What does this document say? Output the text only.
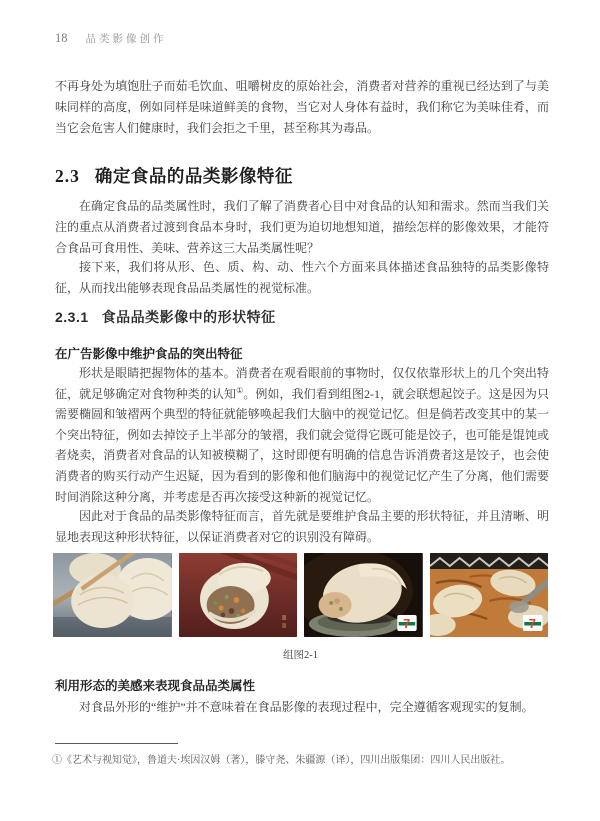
18 品类影像创作

不再身处为填饱肚子而茹毛饮血、咀嚼树皮的原始社会，消费者对营养的重视已经达到了与美味同样的高度，例如同样是味道鲜美的食物，当它对人身体有益时，我们称它为美味佳肴，而当它会危害人们健康时，我们会拒之千里，甚至称其为毒品。

2.3 确定食品的品类影像特征

在确定食品的品类属性时，我们了解了消费者心目中对食品的认知和需求。然而当我们关注的重点从消费者过渡到食品本身时，我们更为迫切地想知道，描绘怎样的影像效果，才能符合食品可食用性、美味、营养这三大品类属性呢？

接下来，我们将从形、色、质、构、动、性六个方面来具体描述食品独特的品类影像特征，从而找出能够表现食品品类属性的视觉标准。

2.3.1 食品品类影像中的形状特征

在广告影像中维护食品的突出特征

形状是眼睛把握物体的基本。消费者在观看眼前的事物时，仅仅依靠形状上的几个突出特征，就足够确定对食物种类的认知①。例如，我们看到组图2-1，就会联想起饺子。这是因为只需要椭圆和皱褶两个典型的特征就能够唤起我们大脑中的视觉记忆。但是倘若改变其中的某一个突出特征，例如去掉饺子上半部分的皱褶，我们就会觉得它既可能是饺子，也可能是馄饨或者烧卖，消费者对食品的认知被模糊了，这时即便有明确的信息告诉消费者这是饺子，也会使消费者的购买行动产生迟疑，因为看到的影像和他们脑海中的视觉记忆产生了分离，他们需要时间消除这种分离，并考虑是否再次接受这种新的视觉记忆。

因此对于食品的品类影像特征而言，首先就是要维护食品主要的形状特征，并且清晰、明显地表现这种形状特征，以保证消费者对它的识别没有障碍。

7	7

组图2-1

利用形态的美感来表现食品品类属性

对食品外形的“维护”并不意味着在食品影像的表现过程中，完全遵循客观现实的复制。

①《艺术与视知觉》，鲁道夫·埃因汉姆（著），滕守尧、朱疆源（译），四川出版集团：四川人民出版社。
